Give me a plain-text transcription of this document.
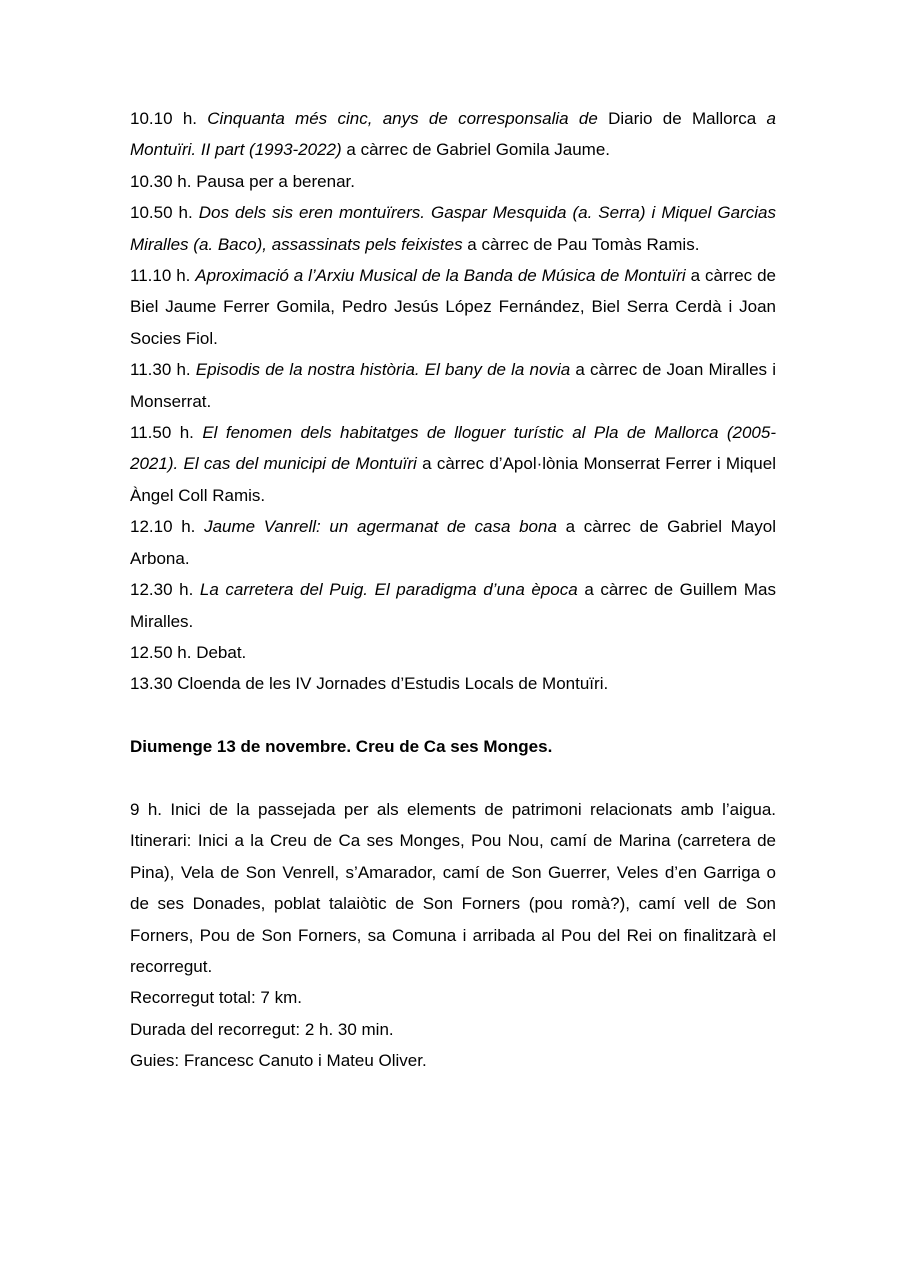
10.10 h. Cinquanta més cinc, anys de corresponsalia de Diario de Mallorca a Montuïri. II part (1993-2022) a càrrec de Gabriel Gomila Jaume.

10.30 h. Pausa per a berenar.

10.50 h. Dos dels sis eren montuïrers. Gaspar Mesquida (a. Serra) i Miquel Garcias Miralles (a. Baco), assassinats pels feixistes a càrrec de Pau Tomàs Ramis.

11.10 h. Aproximació a l’Arxiu Musical de la Banda de Música de Montuïri a càrrec de Biel Jaume Ferrer Gomila, Pedro Jesús López Fernández, Biel Serra Cerdà i Joan Socies Fiol.

11.30 h. Episodis de la nostra història. El bany de la novia a càrrec de Joan Miralles i Monserrat.

11.50 h. El fenomen dels habitatges de lloguer turístic al Pla de Mallorca (2005-2021). El cas del municipi de Montuïri a càrrec d’Apol·lònia Monserrat Ferrer i Miquel Àngel Coll Ramis.

12.10 h. Jaume Vanrell: un agermanat de casa bona a càrrec de Gabriel Mayol Arbona.

12.30 h. La carretera del Puig. El paradigma d’una època a càrrec de Guillem Mas Miralles.

12.50 h. Debat.

13.30 Cloenda de les IV Jornades d’Estudis Locals de Montuïri.

Diumenge 13 de novembre. Creu de Ca ses Monges.

9 h. Inici de la passejada per als elements de patrimoni relacionats amb l’aigua. Itinerari: Inici a la Creu de Ca ses Monges, Pou Nou, camí de Marina (carretera de Pina), Vela de Son Venrell, s’Amarador, camí de Son Guerrer, Veles d’en Garriga o de ses Donades, poblat talaiòtic de Son Forners (pou romà?), camí vell de Son Forners, Pou de Son Forners, sa Comuna i arribada al Pou del Rei on finalitzarà el recorregut.

Recorregut total: 7 km.

Durada del recorregut: 2 h. 30 min.

Guies: Francesc Canuto i Mateu Oliver.
